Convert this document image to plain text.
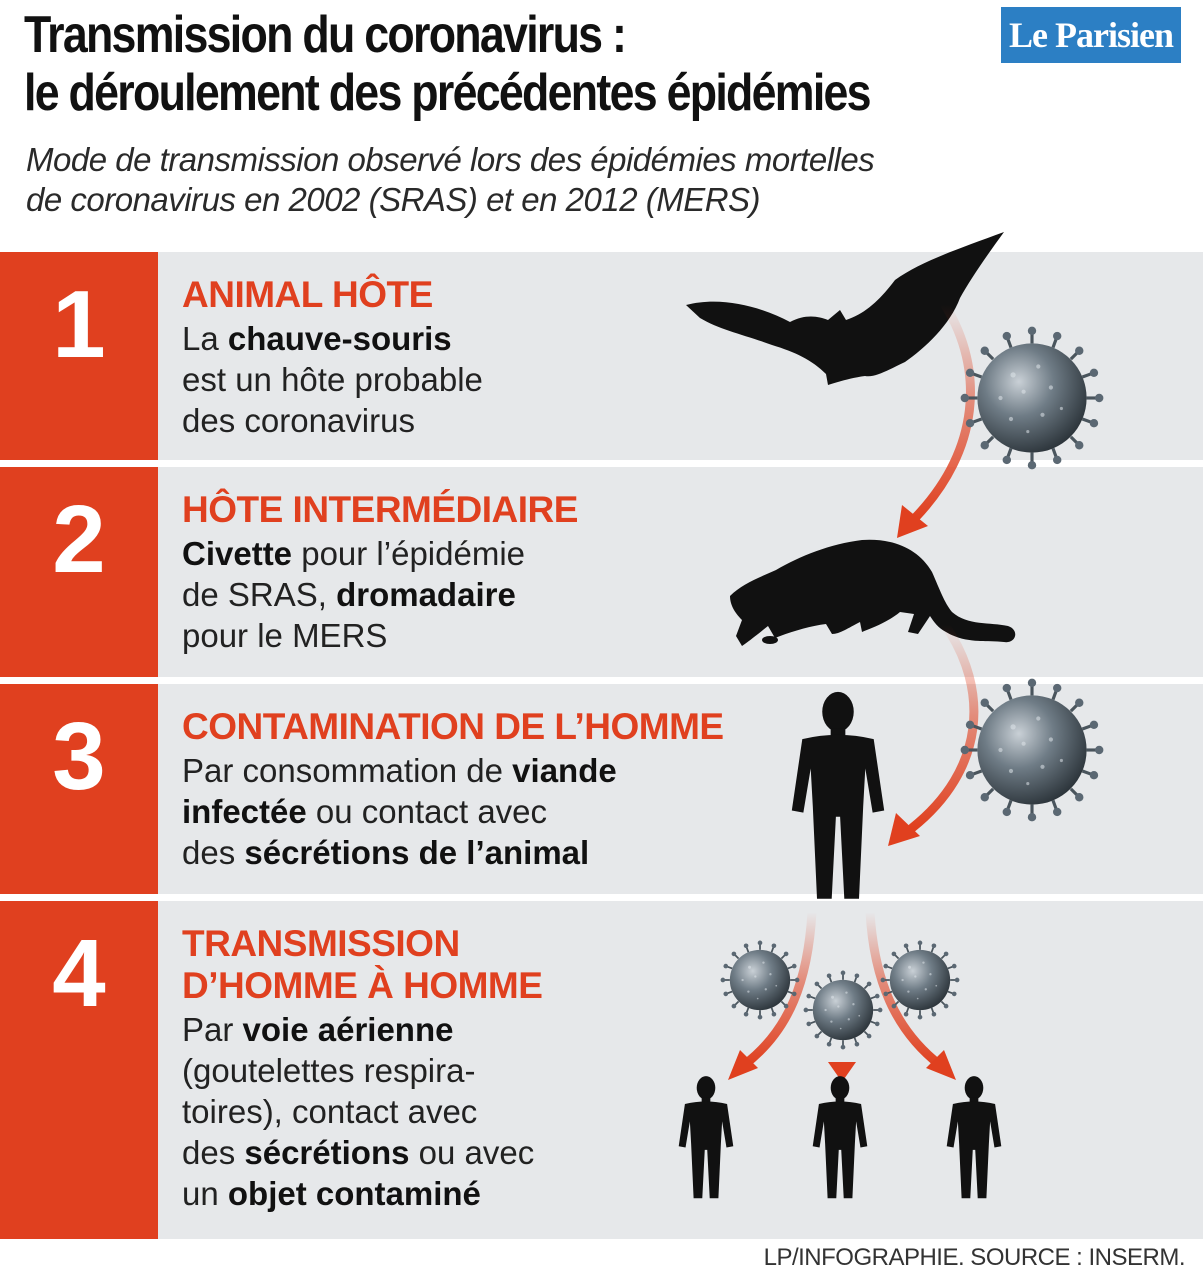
Transmission du coronavirus :
le déroulement des précédentes épidémies
Le Parisien
Mode de transmission observé lors des épidémies mortelles
de coronavirus en 2002 (SRAS) et en 2012 (MERS)
1	ANIMAL HÔTE
La chauve-souris
est un hôte probable
des coronavirus
2	HÔTE INTERMÉDIAIRE
Civette pour l’épidémie
de SRAS, dromadaire
pour le MERS
3	CONTAMINATION DE L’HOMME
Par consommation de viande
infectée ou contact avec
des sécrétions de l’animal
4	TRANSMISSION
D’HOMME À HOMME
Par voie aérienne
(goutelettes respira-
toires), contact avec
des sécrétions ou avec
un objet contaminé
LP/INFOGRAPHIE. SOURCE : INSERM.
